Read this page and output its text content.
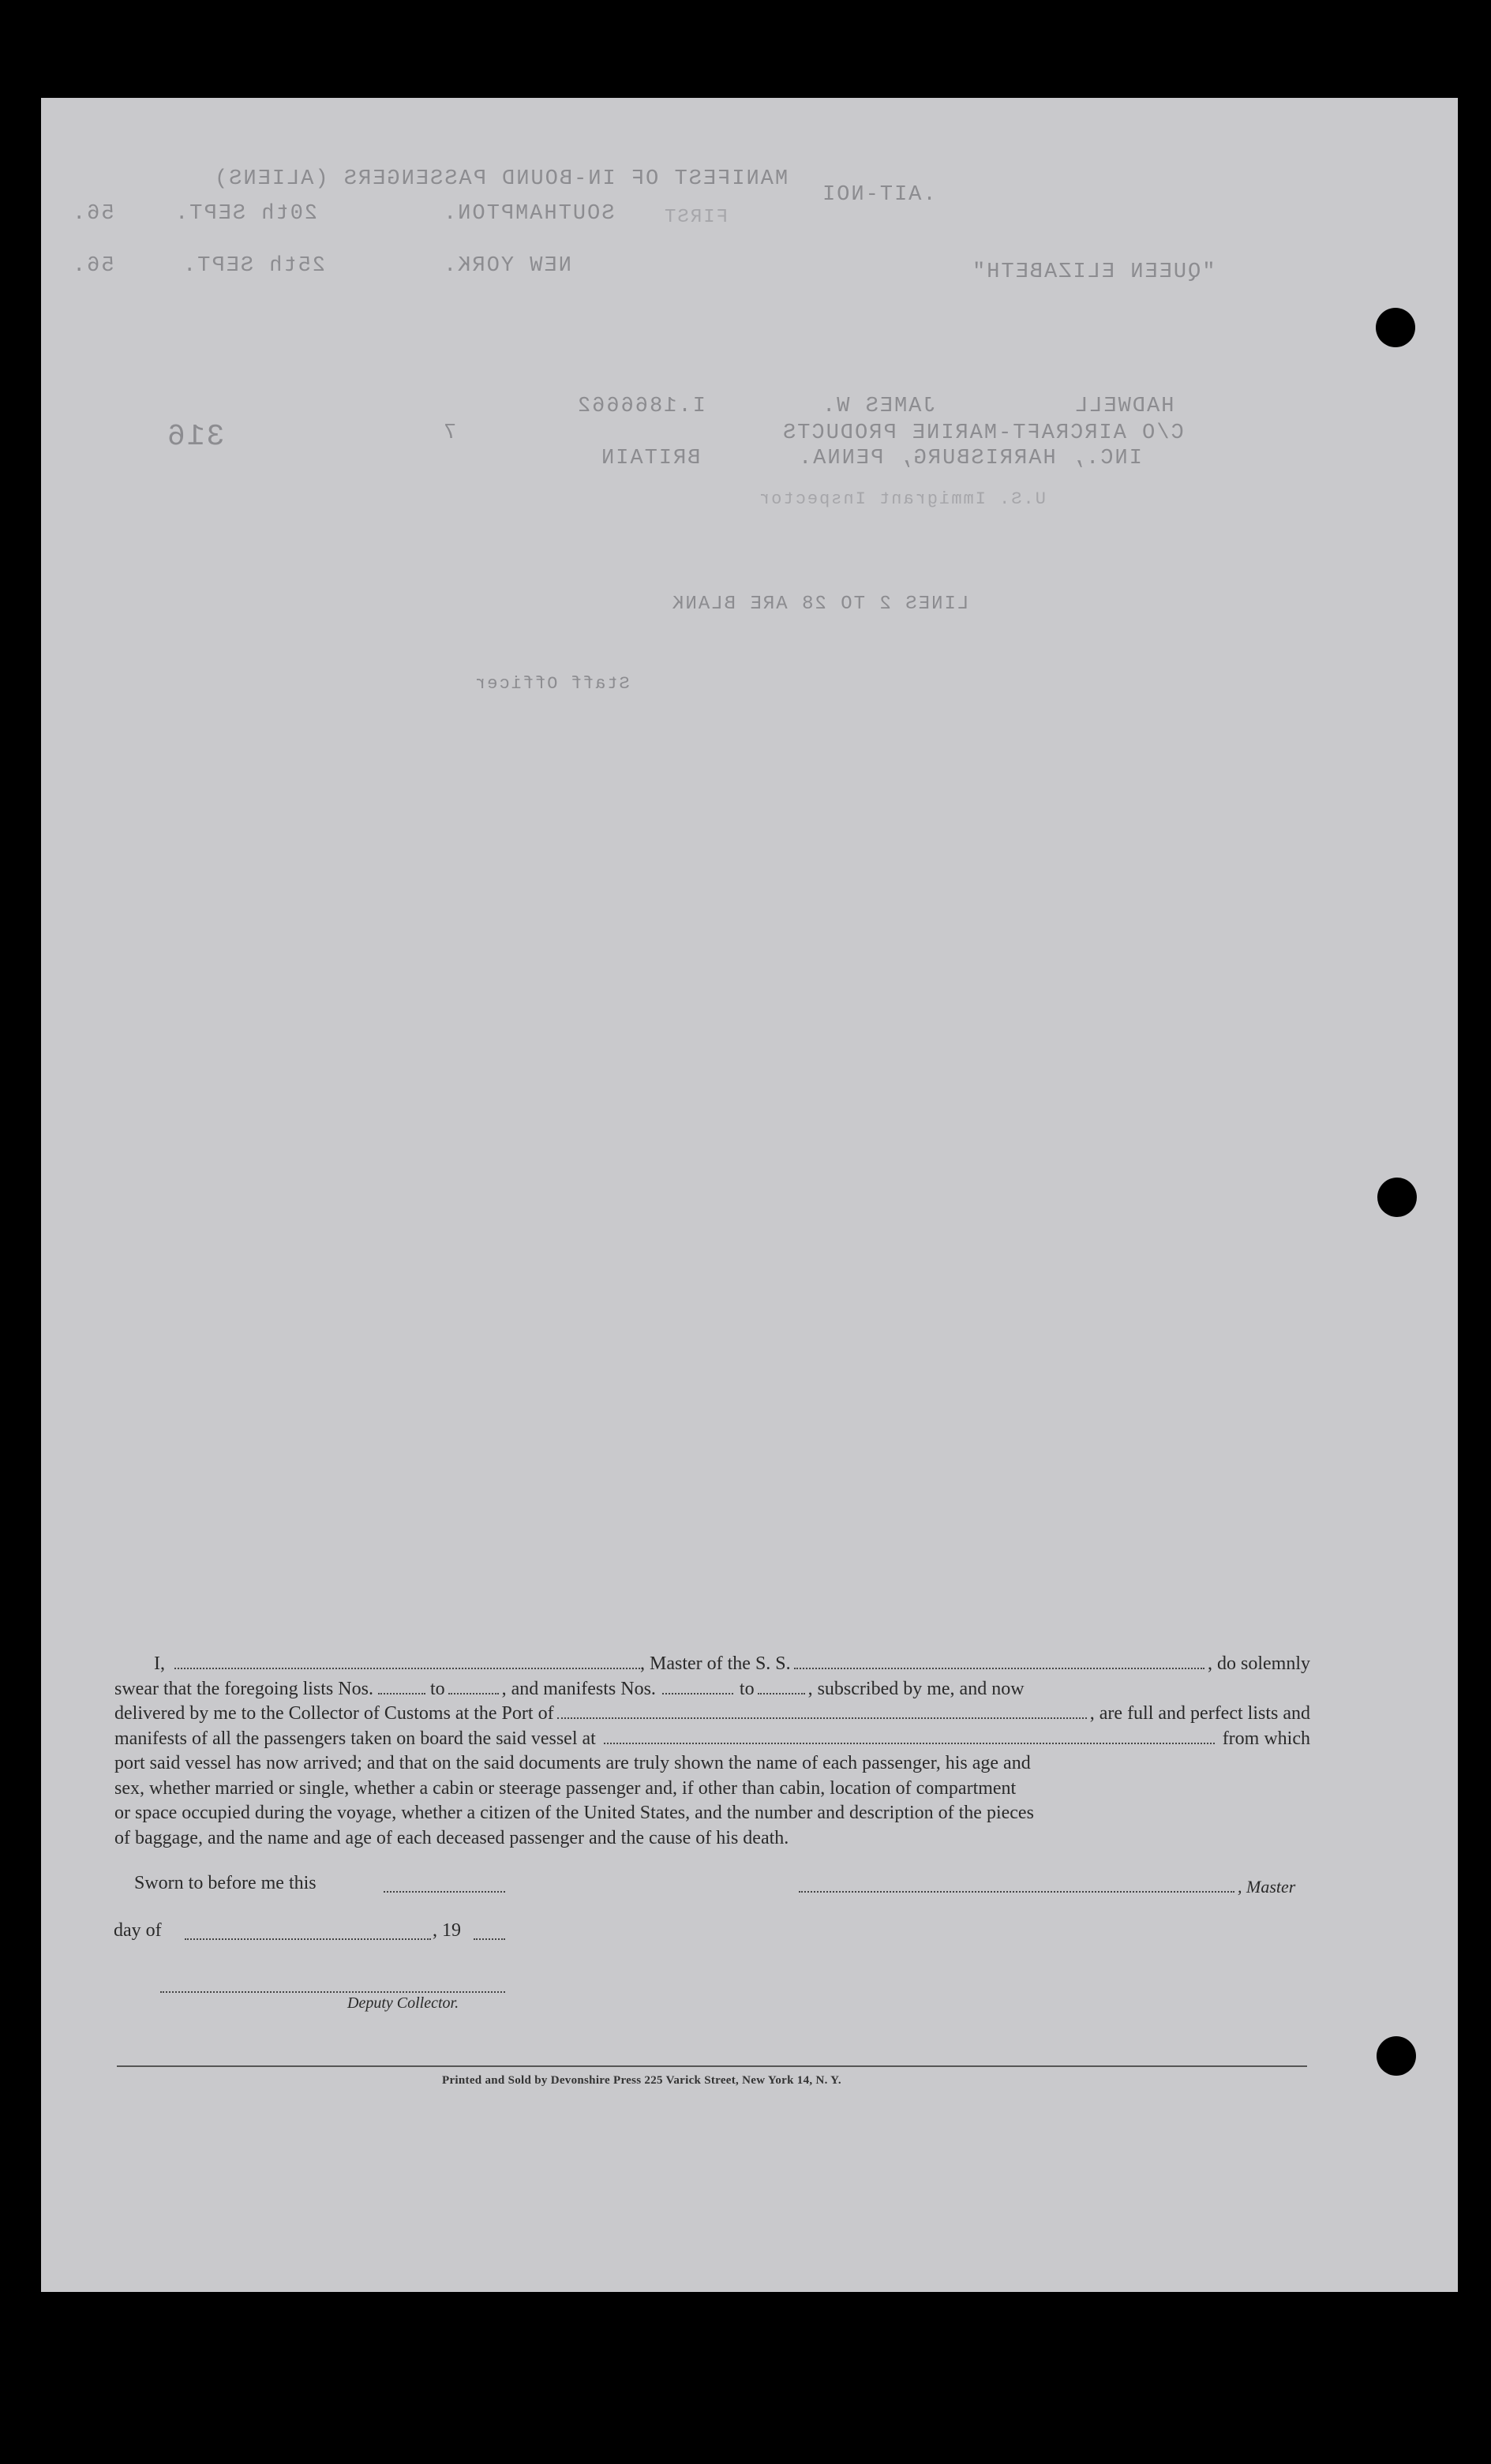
MANIFEST OF IN-BOUND PASSENGERS (ALIENS)
FIRST
SOUTHAMPTON.
20th SEPT.
56.
.AIT-NOI
NEW YORK.
25th SEPT.
56.	"QUEEN ELIZABETH"
316
HADWELL
JAMES W.
I.1866662
7	C/O AIRCRAFT-MARINE PRODUCTS
INC., HARRISBURG, PENNA.
BRITAIN
U.S. Immigrant Inspector
LINES 2 TO 28 ARE BLANK
Staff Officer

I,	, Master of the S. S.	, do solemnly

swear that the foregoing lists Nos.	to	, and manifests Nos.	to	, subscribed by me, and now

delivered by me to the Collector of Customs at the Port of	, are full and perfect lists and

manifests of all the passengers taken on board the said vessel at	from which

port said vessel has now arrived; and that on the said documents are truly shown the name of each passenger, his age and

sex, whether married or single, whether a cabin or steerage passenger and, if other than cabin, location of compartment

or space occupied during the voyage, whether a citizen of the United States, and the number and description of the pieces

of baggage, and the name and age of each deceased passenger and the cause of his death.

Sworn to before me this	, Master
day of	, 19
Deputy Collector.
Printed and Sold by Devonshire Press 225 Varick Street, New York 14, N. Y.
